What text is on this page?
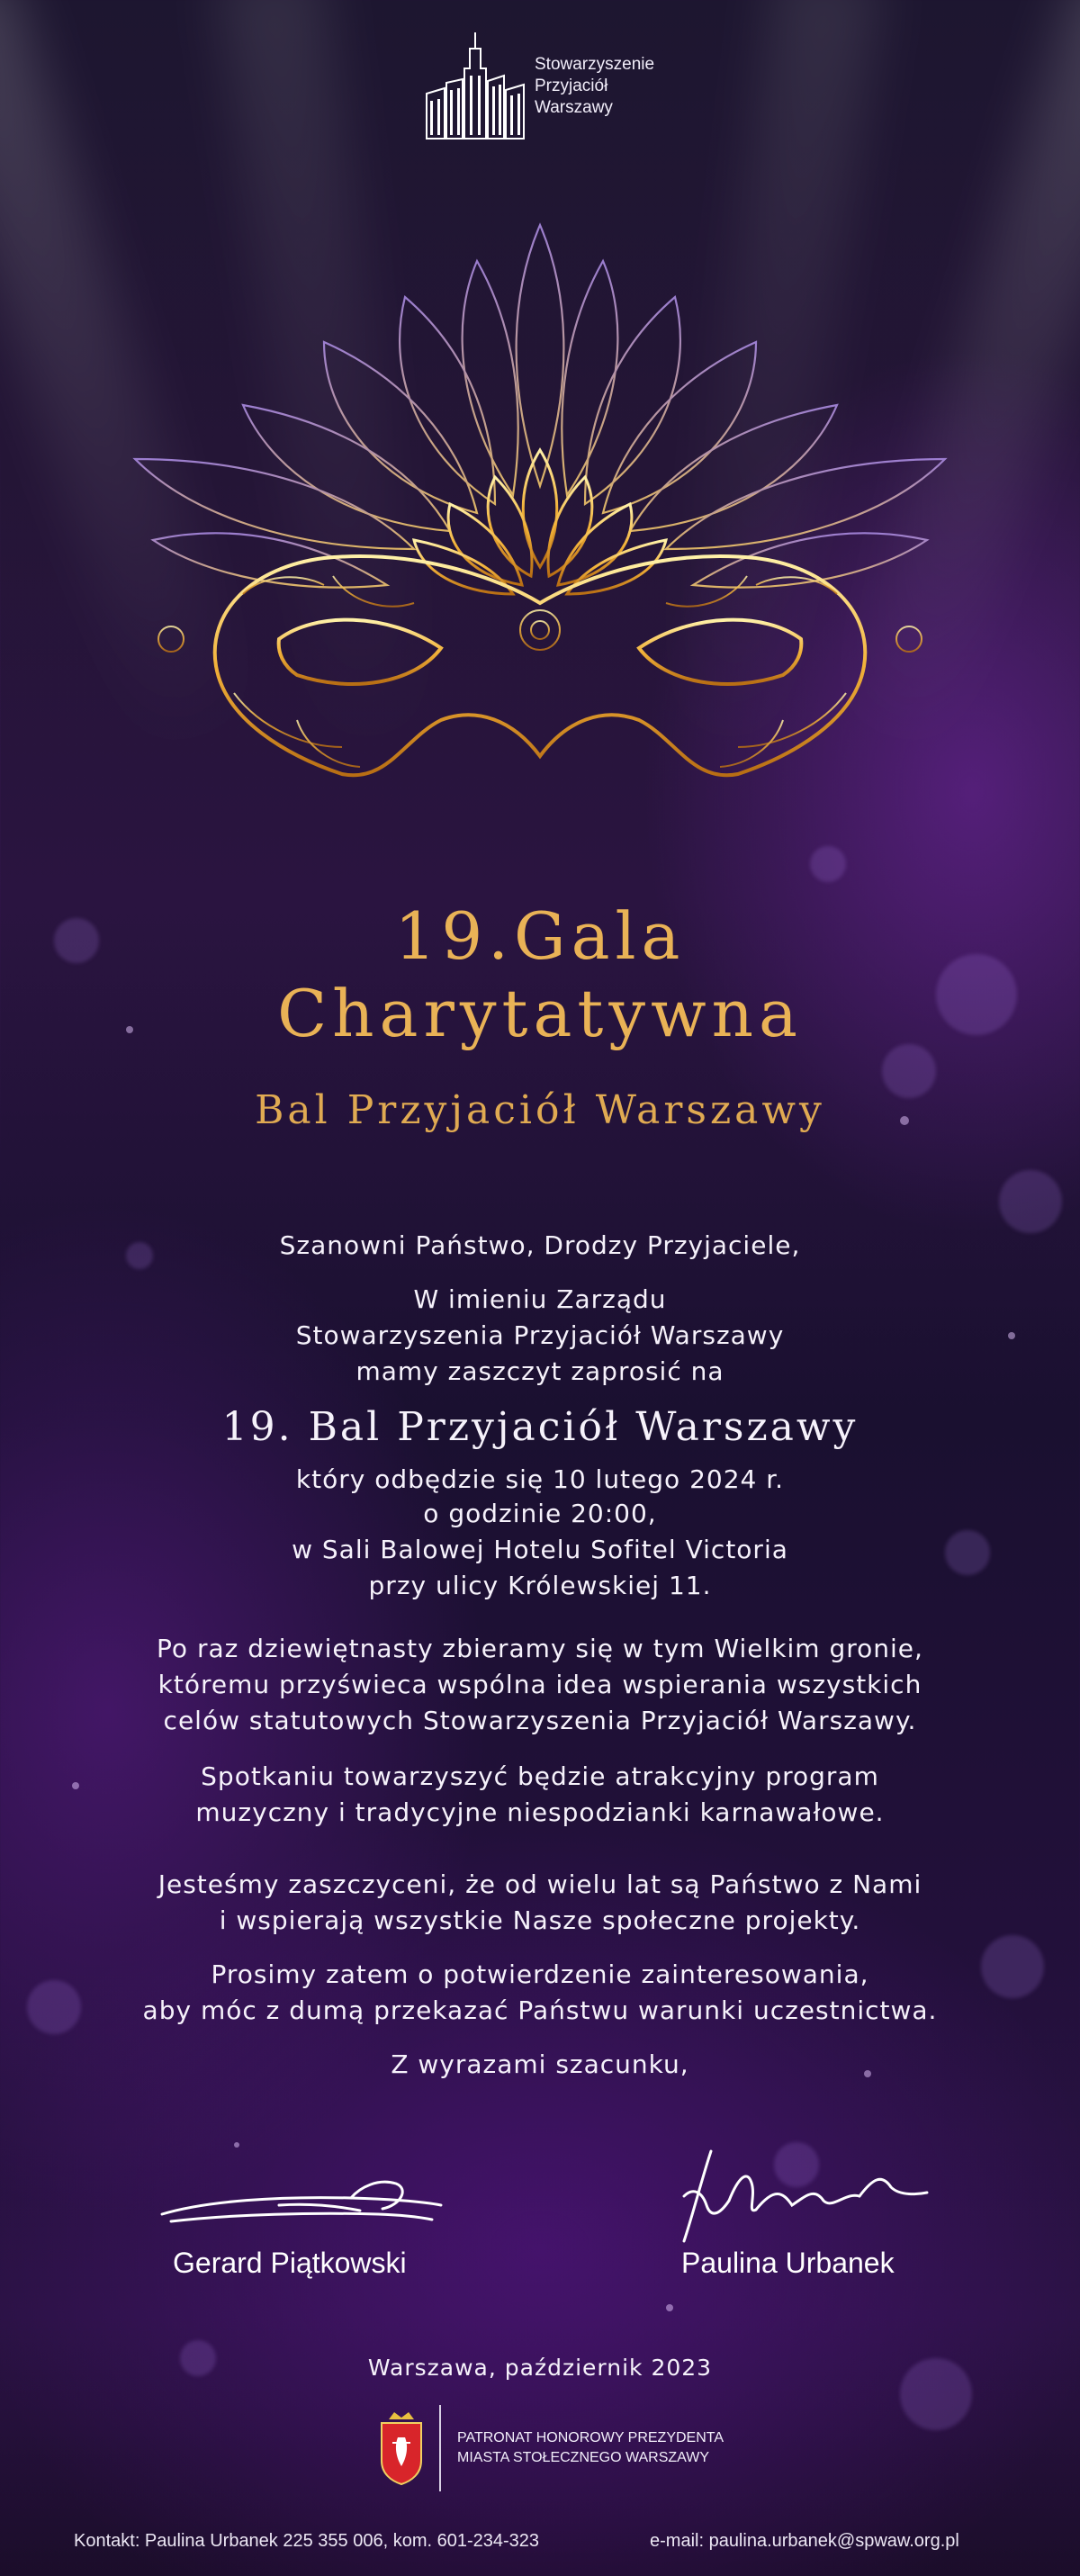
Stowarzyszenie
Przyjaciół
Warszawy
19.Gala
Charytatywna
Bal Przyjaciół Warszawy
Szanowni Państwo, Drodzy Przyjaciele,
W imieniu Zarządu
Stowarzyszenia Przyjaciół Warszawy
mamy zaszczyt zaprosić na
19. Bal Przyjaciół Warszawy
który odbędzie się 10 lutego 2024 r.
o godzinie 20:00,
w Sali Balowej Hotelu Sofitel Victoria
przy ulicy Królewskiej 11.
Po raz dziewiętnasty zbieramy się w tym Wielkim gronie,
któremu przyświeca wspólna idea wspierania wszystkich
celów statutowych Stowarzyszenia Przyjaciół Warszawy.
Spotkaniu towarzyszyć będzie atrakcyjny program
muzyczny i tradycyjne niespodzianki karnawałowe.
Jesteśmy zaszczyceni, że od wielu lat są Państwo z Nami
i wspierają wszystkie Nasze społeczne projekty.
Prosimy zatem o potwierdzenie zainteresowania,
aby móc z dumą przekazać Państwu warunki uczestnictwa.
Z wyrazami szacunku,
Gerard Piątkowski	Paulina Urbanek
Warszawa, październik 2023
PATRONAT HONOROWY PREZYDENTA
MIASTA STOŁECZNEGO WARSZAWY
Kontakt: Paulina Urbanek 225 355 006, kom. 601-234-323	e-mail: paulina.urbanek@spwaw.org.pl
